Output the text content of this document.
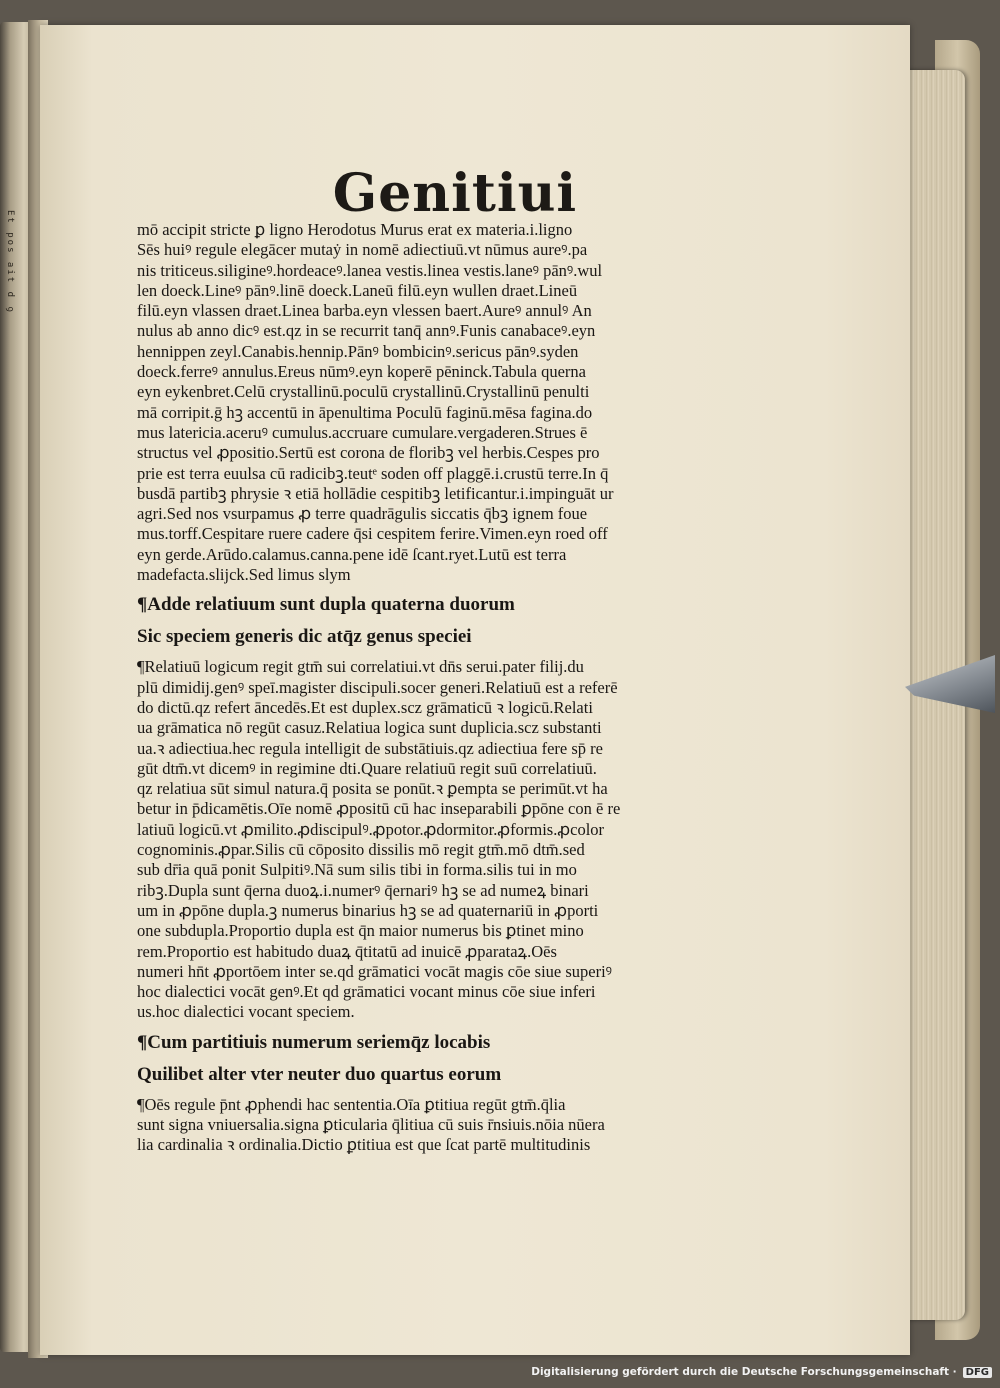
Et pos ait d ꝯ
Genitiui
mō accipit stricte ꝑ ligno Herodotus Murus erat ex materia.i.ligno
Sēs huiꝰ regule elegācer mutaẏ in nomē adiectiuū.vt nūmus aureꝰ.pa
nis triticeus.siligineꝰ.hordeaceꝰ.lanea vestis.linea vestis.laneꝰ pānꝰ.wul
len doeck.Lineꝰ pānꝰ.linē doeck.Laneū filū.eyn wullen draet.Lineū
filū.eyn vlassen draet.Linea barba.eyn vlessen baert.Aureꝰ annulꝰ An
nulus ab anno dicꝰ est.qz in se recurrit tanq̄ annꝰ.Funis canabaceꝰ.eyn
hennippen zeyl.Canabis.hennip.Pānꝰ bombicinꝰ.sericus pānꝰ.syden
doeck.ferreꝰ annulus.Ereus nūmꝰ.eyn koperē pēninck.Tabula querna
eyn eykenbret.Celū crystallinū.poculū crystallinū.Crystallinū penulti
mā corripit.ḡ hꝫ accentū in āpenultima Poculū faginū.mēsa fagina.do
mus latericia.aceruꝰ cumulus.accruare cumulare.vergaderen.Strues ē
structus vel ꝓpositio.Sertū est corona de floribꝫ vel herbis.Cespes pro
prie est terra euulsa cū radicibꝫ.teutᵉ soden off plaggē.i.crustū terre.In q̄
busdā partibꝫ phrysie ꝛ etiā hollādie cespitibꝫ letificantur.i.impinguāt ur
agri.Sed nos vsurpamus ꝓ terre quadrāgulis siccatis q̄bꝫ ignem foue
mus.torff.Cespitare ruere cadere q̄si cespitem ferire.Vimen.eyn roed off
eyn gerde.Arūdo.calamus.canna.pene idē ſcant.ryet.Lutū est terra
madefacta.slijck.Sed limus slym
¶Adde relatiuum sunt dupla quaterna duorum
Sic speciem generis dic atq̄z genus speciei
¶Relatiuū logicum regit gtm̄ sui correlatiui.vt dn̄s serui.pater filij.du
plū dimidij.genꝰ speī.magister discipuli.socer generi.Relatiuū est a referē
do dictū.qz refert āncedēs.Et est duplex.scz grāmaticū ꝛ logicū.Relati
ua grāmatica nō regūt casuz.Relatiua logica sunt duplicia.scz substanti
ua.ꝛ adiectiua.hec regula intelligit de substātiuis.qz adiectiua fere sp̄ re
gūt dtm̄.vt dicemꝰ in regimine dti.Quare relatiuū regit suū correlatiuū.
qz relatiua sūt simul natura.q̄ posita se ponūt.ꝛ ꝑempta se perimūt.vt ha
betur in p̄dicamētis.Oīe nomē ꝓpositū cū hac inseparabili ꝑpōne con ē re
latiuū logicū.vt ꝓmilito.ꝓdiscipulꝰ.ꝓpotor.ꝓdormitor.ꝓformis.ꝓcolor
cognominis.ꝓpar.Silis cū cōposito dissilis mō regit gtm̄.mō dtm̄.sed
sub dr̄ia quā ponit Sulpitiꝰ.Nā sum silis tibi in forma.silis tui in mo
ribꝫ.Dupla sunt q̄erna duoꝝ.i.numerꝰ q̄ernariꝰ hꝫ se ad numeꝝ binari
um in ꝓpōne dupla.ꝫ numerus binarius hꝫ se ad quaternariū in ꝓporti
one subdupla.Proportio dupla est q̄n maior numerus bis ꝑtinet mino
rem.Proportio est habitudo duaꝝ q̄titatū ad inuicē ꝓparataꝝ.Oēs
numeri hn̄t ꝓportōem inter se.qd grāmatici vocāt magis cōe siue superiꝰ
hoc dialectici vocāt genꝰ.Et qd grāmatici vocant minus cōe siue inferi
us.hoc dialectici vocant speciem.
¶Cum partitiuis numerum seriemq̄z locabis
Quilibet alter vter neuter duo quartus eorum
¶Oēs regule p̄nt ꝓphendi hac sententia.Oīa ꝑtitiua regūt gtm̄.q̄lia
sunt signa vniuersalia.signa ꝑticularia q̄litiua cū suis r̄nsiuis.nōia nūera
lia cardinalia ꝛ ordinalia.Dictio ꝑtitiua est que ſcat partē multitudinis
Digitalisierung gefördert durch die Deutsche Forschungsgemeinschaft · DFG
